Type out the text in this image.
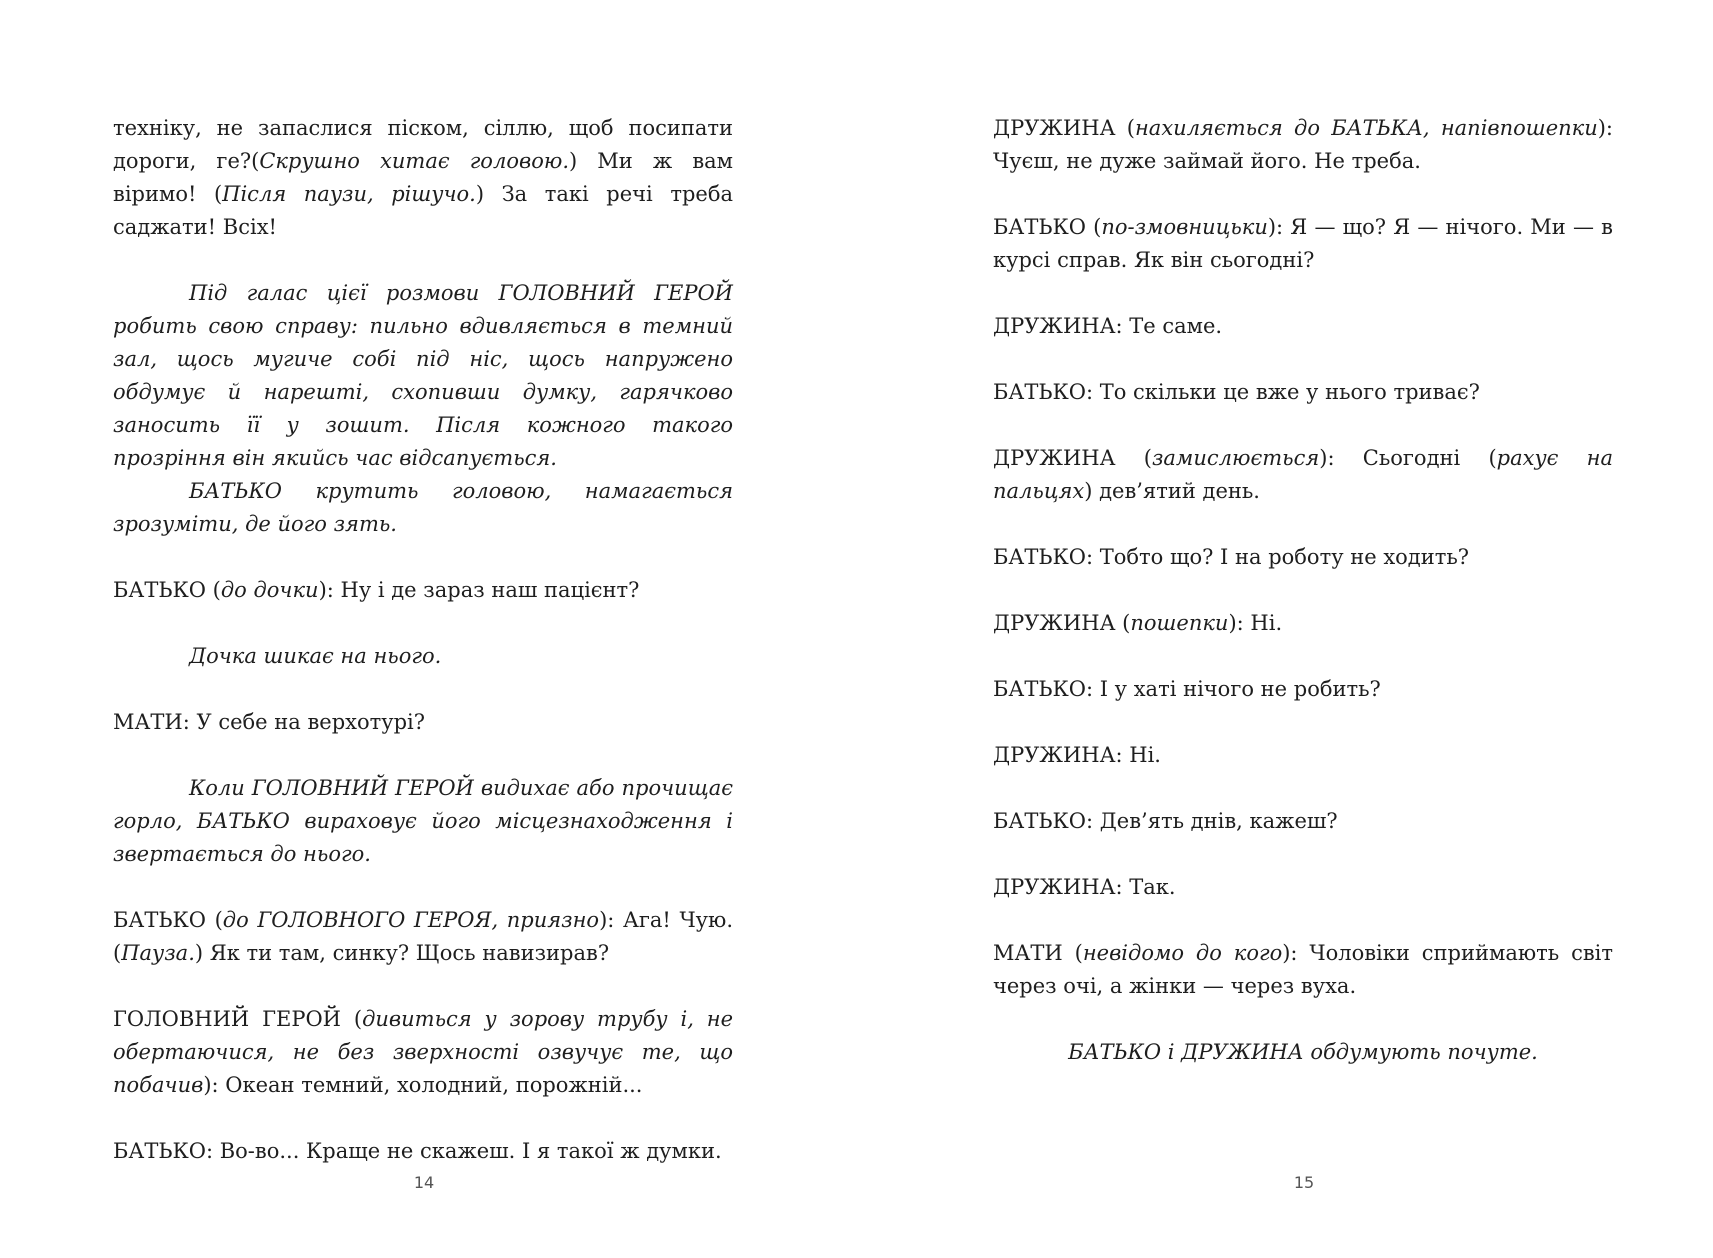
техніку, не запаслися піском, сіллю, щоб посипати дороги, ге?(Скрушно хитає головою.) Ми ж вам віримо! (Після паузи, рішучо.) За такі речі треба саджати! Всіх!

Під галас цієї розмови ГОЛОВНИЙ ГЕРОЙ робить свою справу: пильно вдивляється в темний зал, щось мугиче собі під ніс, щось напружено обдумує й нарешті, схопивши думку, гарячково заносить її у зошит. Після кожного такого прозріння він якийсь час відсапується.

БАТЬКО крутить головою, намагається зрозуміти, де його зять.

БАТЬКО (до дочки): Ну і де зараз наш пацієнт?

Дочка шикає на нього.

МАТИ: У себе на верхотурі?

Коли ГОЛОВНИЙ ГЕРОЙ видихає або прочищає горло, БАТЬКО вираховує його місцезнаходження і звертається до нього.

БАТЬКО (до ГОЛОВНОГО ГЕРОЯ, приязно): Ага! Чую. (Пауза.) Як ти там, синку? Щось навизирав?

ГОЛОВНИЙ ГЕРОЙ (дивиться у зорову трубу і, не обертаючися, не без зверхності озвучує те, що побачив): Океан темний, холодний, порожній...

БАТЬКО: Во-во... Краще не скажеш. І я такої ж думки.

14

ДРУЖИНА (нахиляється до БАТЬКА, напівпошепки): Чуєш, не дуже займай його. Не треба.

БАТЬКО (по-змовницьки): Я — що? Я — нічого. Ми — в курсі справ. Як він сьогодні?

ДРУЖИНА: Те саме.

БАТЬКО: То скільки це вже у нього триває?

ДРУЖИНА (замислюється): Сьогодні (рахує на пальцях) дев’ятий день.

БАТЬКО: Тобто що? І на роботу не ходить?

ДРУЖИНА (пошепки): Ні.

БАТЬКО: І у хаті нічого не робить?

ДРУЖИНА: Ні.

БАТЬКО: Дев’ять днів, кажеш?

ДРУЖИНА: Так.

МАТИ (невідомо до кого): Чоловіки сприймають світ через очі, а жінки — через вуха.

БАТЬКО і ДРУЖИНА обдумують почуте.

15
